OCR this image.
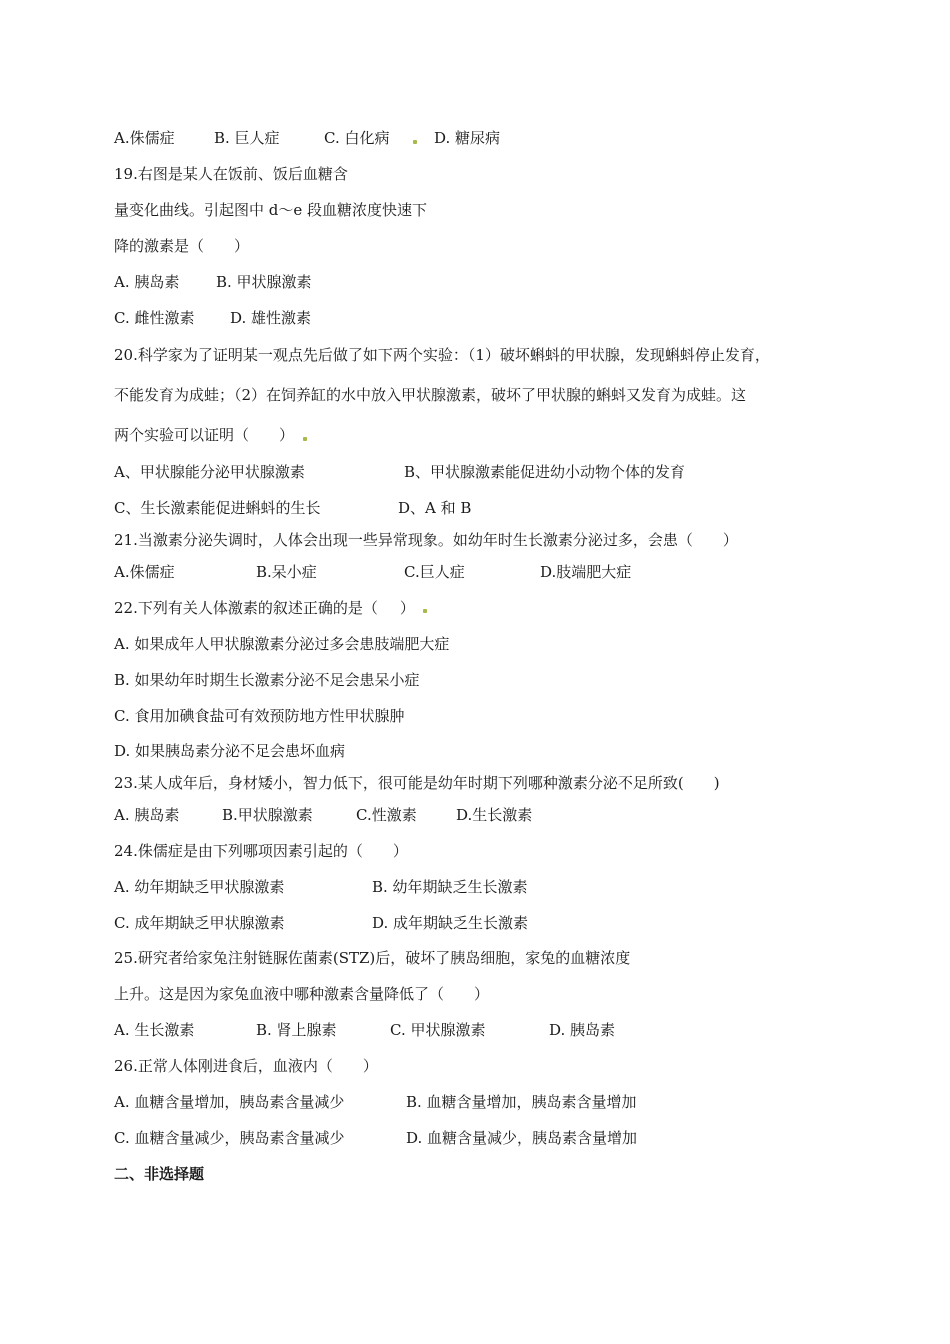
A.侏儒症	B. 巨人症	C. 白化病	D. 糖尿病
19.右图是某人在饭前、饭后血糖含
量变化曲线。引起图中 d～e 段血糖浓度快速下
降的激素是（　　）
A. 胰岛素 B. 甲状腺激素
C. 雌性激素 D. 雄性激素
20.科学家为了证明某一观点先后做了如下两个实验：（1）破坏蝌蚪的甲状腺，发现蝌蚪停止发育，
不能发育为成蛙；（2）在饲养缸的水中放入甲状腺激素，破坏了甲状腺的蝌蚪又发育为成蛙。这
两个实验可以证明（　　）
A、甲状腺能分泌甲状腺激素	B、甲状腺激素能促进幼小动物个体的发育
C、生长激素能促进蝌蚪的生长	D、A 和 B
21.当激素分泌失调时，人体会出现一些异常现象。如幼年时生长激素分泌过多，会患（　　）
A.侏儒症	B.呆小症	C.巨人症	D.肢端肥大症
22.下列有关人体激素的叙述正确的是（ ）
A. 如果成年人甲状腺激素分泌过多会患肢端肥大症
B. 如果幼年时期生长激素分泌不足会患呆小症
C. 食用加碘食盐可有效预防地方性甲状腺肿
D. 如果胰岛素分泌不足会患坏血病
23.某人成年后，身材矮小，智力低下，很可能是幼年时期下列哪种激素分泌不足所致(　　)
A. 胰岛素	B.甲状腺激素	C.性激素	D.生长激素
24.侏儒症是由下列哪项因素引起的（　　）
A. 幼年期缺乏甲状腺激素	B. 幼年期缺乏生长激素
C. 成年期缺乏甲状腺激素	D. 成年期缺乏生长激素
25.研究者给家兔注射链脲佐菌素(STZ)后，破坏了胰岛细胞，家兔的血糖浓度
上升。这是因为家兔血液中哪种激素含量降低了（　　）
A. 生长激素	B. 肾上腺素	C. 甲状腺激素	D. 胰岛素
26.正常人体刚进食后，血液内（　　）
A. 血糖含量增加，胰岛素含量减少	B. 血糖含量增加，胰岛素含量增加
C. 血糖含量减少，胰岛素含量减少	D. 血糖含量减少，胰岛素含量增加
二、非选择题
